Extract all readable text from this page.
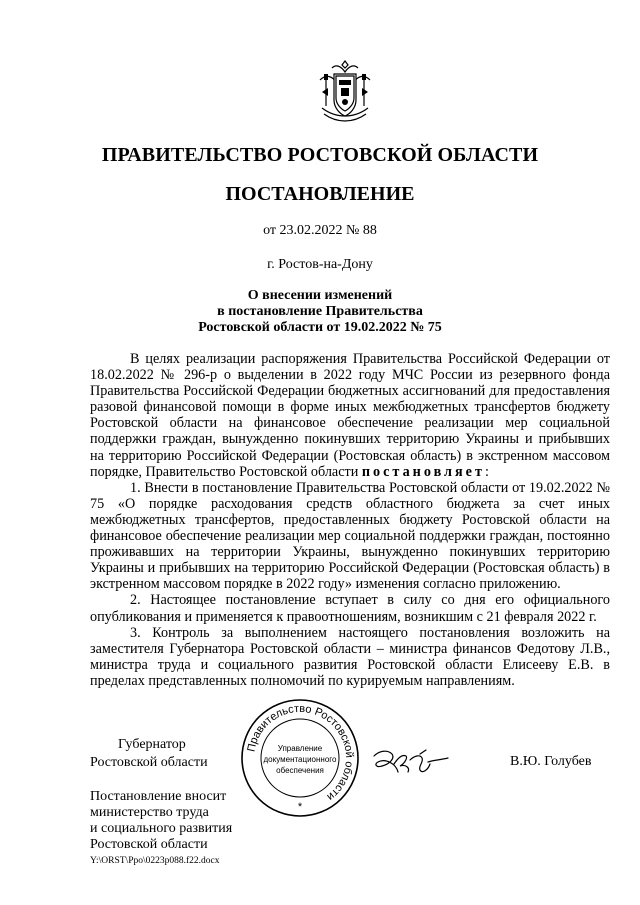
ПРАВИТЕЛЬСТВО РОСТОВСКОЙ ОБЛАСТИ
ПОСТАНОВЛЕНИЕ
от 23.02.2022 № 88
г. Ростов-на-Дону
О внесении изменений
в постановление Правительства
Ростовской области от 19.02.2022 № 75

В целях реализации распоряжения Правительства Российской Федерации от 18.02.2022 № 296-р о выделении в 2022 году МЧС России из резервного фонда Правительства Российской Федерации бюджетных ассигнований для предоставления разовой финансовой помощи в форме иных межбюджетных трансфертов бюджету Ростовской области на финансовое обеспечение реализации мер социальной поддержки граждан, вынужденно покинувших территорию Украины и прибывших на территорию Российской Федерации (Ростовская область) в экстренном массовом порядке, Правительство Ростовской области постановляет:

1. Внести в постановление Правительства Ростовской области от 19.02.2022 № 75 «О порядке расходования средств областного бюджета за счет иных межбюджетных трансфертов, предоставленных бюджету Ростовской области на финансовое обеспечение реализации мер социальной поддержки граждан, постоянно проживавших на территории Украины, вынужденно покинувших территорию Украины и прибывших на территорию Российской Федерации (Ростовская область) в экстренном массовом порядке в 2022 году» изменения согласно приложению.

2. Настоящее постановление вступает в силу со дня его официального опубликования и применяется к правоотношениям, возникшим с 21 февраля 2022 г.

3. Контроль за выполнением настоящего постановления возложить на заместителя Губернатора Ростовской области – министра финансов Федотову Л.В., министра труда и социального развития Ростовской области Елисееву Е.В. в пределах представленных полномочий по курируемым направлениям.

Губернатор
Ростовской области
Правительство Ростовской области
Управление
документационного
обеспечения
*
В.Ю. Голубев
Постановление вносит
министерство труда
и социального развития
Ростовской области
Y:\ORST\Ppo\0223p088.f22.docx
